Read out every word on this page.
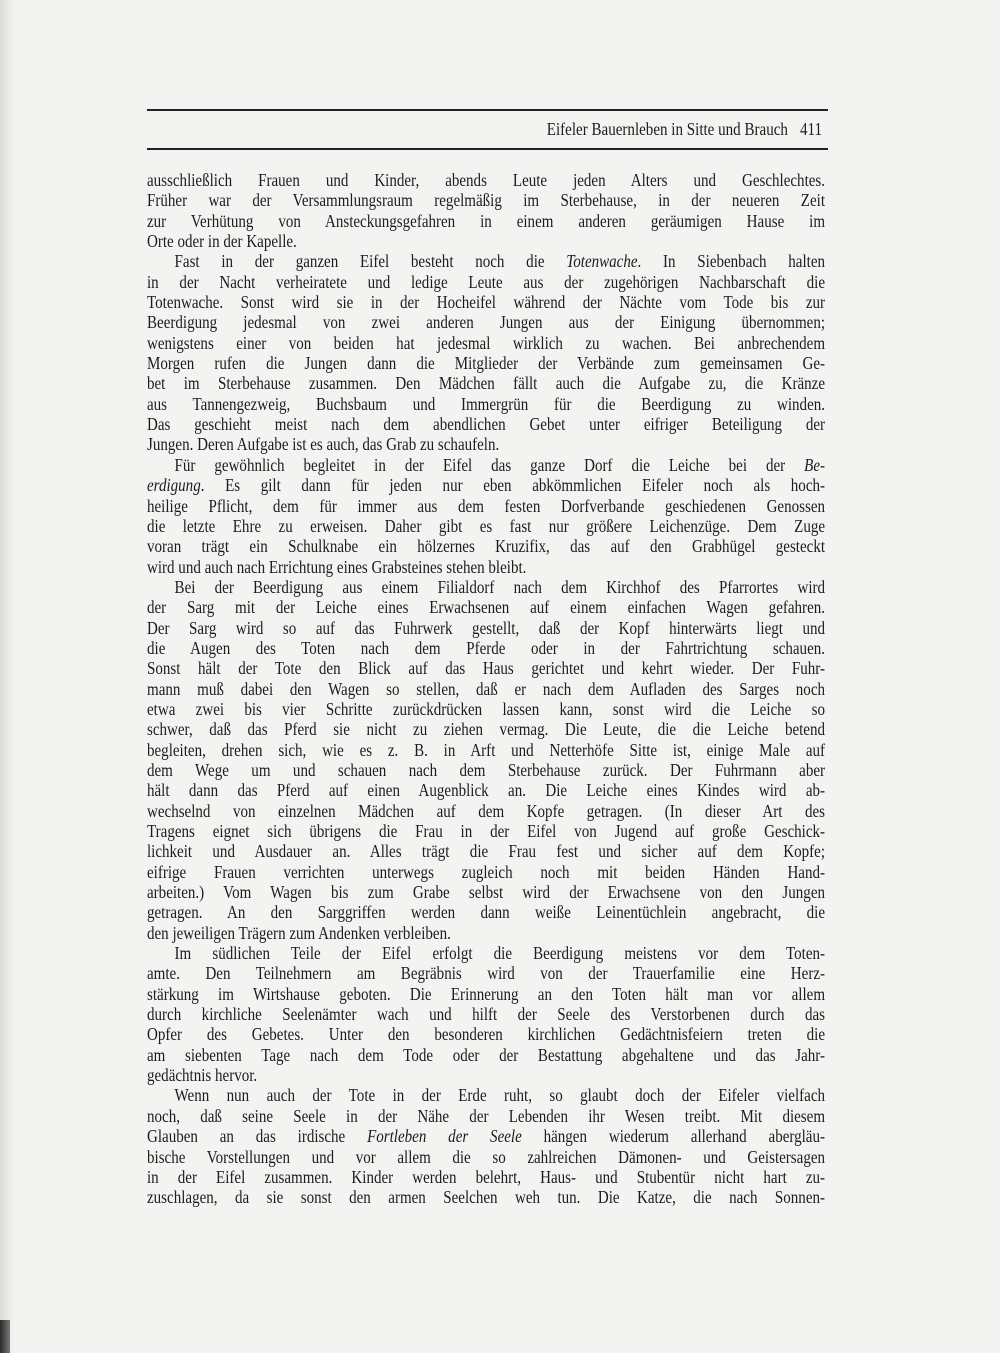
Eifeler Bauernleben in Sitte und Brauch 411
ausschließlich Frauen und Kinder, abends Leute jeden Alters und Geschlechtes.
Früher war der Versammlungsraum regelmäßig im Sterbehause, in der neueren Zeit
zur Verhütung von Ansteckungsgefahren in einem anderen geräumigen Hause im
Orte oder in der Kapelle.
Fast in der ganzen Eifel besteht noch die Totenwache. In Siebenbach halten
in der Nacht verheiratete und ledige Leute aus der zugehörigen Nachbarschaft die
Totenwache. Sonst wird sie in der Hocheifel während der Nächte vom Tode bis zur
Beerdigung jedesmal von zwei anderen Jungen aus der Einigung übernommen;
wenigstens einer von beiden hat jedesmal wirklich zu wachen. Bei anbrechendem
Morgen rufen die Jungen dann die Mitglieder der Verbände zum gemeinsamen Ge-
bet im Sterbehause zusammen. Den Mädchen fällt auch die Aufgabe zu, die Kränze
aus Tannengezweig, Buchsbaum und Immergrün für die Beerdigung zu winden.
Das geschieht meist nach dem abendlichen Gebet unter eifriger Beteiligung der
Jungen. Deren Aufgabe ist es auch, das Grab zu schaufeln.
Für gewöhnlich begleitet in der Eifel das ganze Dorf die Leiche bei der Be-
erdigung. Es gilt dann für jeden nur eben abkömmlichen Eifeler noch als hoch-
heilige Pflicht, dem für immer aus dem festen Dorfverbande geschiedenen Genossen
die letzte Ehre zu erweisen. Daher gibt es fast nur größere Leichenzüge. Dem Zuge
voran trägt ein Schulknabe ein hölzernes Kruzifix, das auf den Grabhügel gesteckt
wird und auch nach Errichtung eines Grabsteines stehen bleibt.
Bei der Beerdigung aus einem Filialdorf nach dem Kirchhof des Pfarrortes wird
der Sarg mit der Leiche eines Erwachsenen auf einem einfachen Wagen gefahren.
Der Sarg wird so auf das Fuhrwerk gestellt, daß der Kopf hinterwärts liegt und
die Augen des Toten nach dem Pferde oder in der Fahrtrichtung schauen.
Sonst hält der Tote den Blick auf das Haus gerichtet und kehrt wieder. Der Fuhr-
mann muß dabei den Wagen so stellen, daß er nach dem Aufladen des Sarges noch
etwa zwei bis vier Schritte zurückdrücken lassen kann, sonst wird die Leiche so
schwer, daß das Pferd sie nicht zu ziehen vermag. Die Leute, die die Leiche betend
begleiten, drehen sich, wie es z. B. in Arft und Netterhöfe Sitte ist, einige Male auf
dem Wege um und schauen nach dem Sterbehause zurück. Der Fuhrmann aber
hält dann das Pferd auf einen Augenblick an. Die Leiche eines Kindes wird ab-
wechselnd von einzelnen Mädchen auf dem Kopfe getragen. (In dieser Art des
Tragens eignet sich übrigens die Frau in der Eifel von Jugend auf große Geschick-
lichkeit und Ausdauer an. Alles trägt die Frau fest und sicher auf dem Kopfe;
eifrige Frauen verrichten unterwegs zugleich noch mit beiden Händen Hand-
arbeiten.) Vom Wagen bis zum Grabe selbst wird der Erwachsene von den Jungen
getragen. An den Sarggriffen werden dann weiße Leinentüchlein angebracht, die
den jeweiligen Trägern zum Andenken verbleiben.
Im südlichen Teile der Eifel erfolgt die Beerdigung meistens vor dem Toten-
amte. Den Teilnehmern am Begräbnis wird von der Trauerfamilie eine Herz-
stärkung im Wirtshause geboten. Die Erinnerung an den Toten hält man vor allem
durch kirchliche Seelenämter wach und hilft der Seele des Verstorbenen durch das
Opfer des Gebetes. Unter den besonderen kirchlichen Gedächtnisfeiern treten die
am siebenten Tage nach dem Tode oder der Bestattung abgehaltene und das Jahr-
gedächtnis hervor.
Wenn nun auch der Tote in der Erde ruht, so glaubt doch der Eifeler vielfach
noch, daß seine Seele in der Nähe der Lebenden ihr Wesen treibt. Mit diesem
Glauben an das irdische Fortleben der Seele hängen wiederum allerhand abergläu-
bische Vorstellungen und vor allem die so zahlreichen Dämonen- und Geistersagen
in der Eifel zusammen. Kinder werden belehrt, Haus- und Stubentür nicht hart zu-
zuschlagen, da sie sonst den armen Seelchen weh tun. Die Katze, die nach Sonnen-
